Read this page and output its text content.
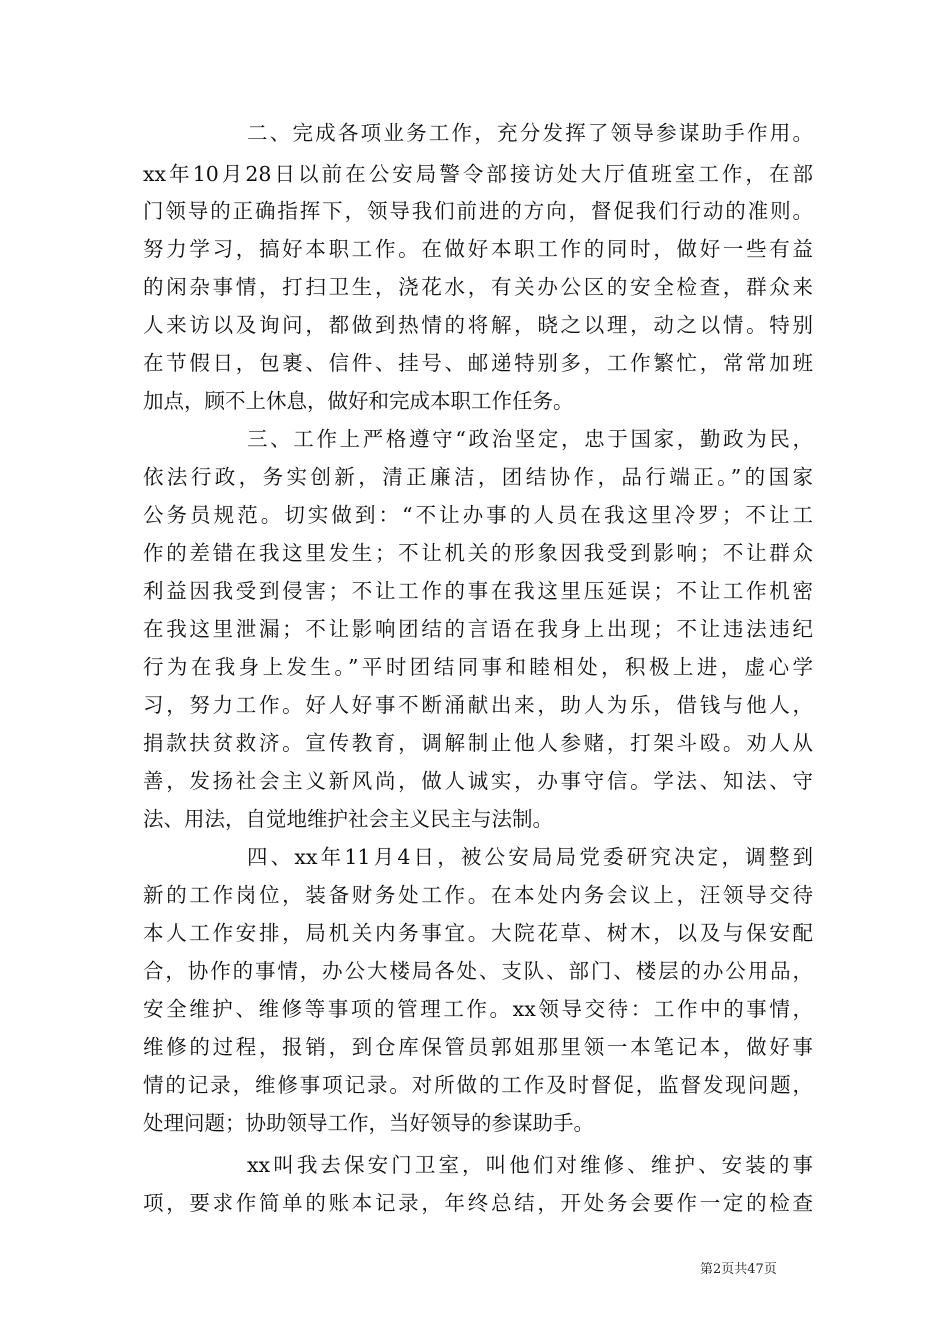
二、完成各项业务工作，充分发挥了领导参谋助手作用。

xx年10月28日以前在公安局警令部接访处大厅值班室工作，在部

门领导的正确指挥下，领导我们前进的方向，督促我们行动的准则。

努力学习，搞好本职工作。在做好本职工作的同时，做好一些有益

的闲杂事情，打扫卫生，浇花水，有关办公区的安全检查，群众来

人来访以及询问，都做到热情的将解，晓之以理，动之以情。特别

在节假日，包裹、信件、挂号、邮递特别多，工作繁忙，常常加班

加点，顾不上休息，做好和完成本职工作任务。

三、工作上严格遵守“政治坚定，忠于国家，勤政为民，

依法行政，务实创新，清正廉洁，团结协作，品行端正。”的国家

公务员规范。切实做到：“不让办事的人员在我这里冷罗；不让工

作的差错在我这里发生；不让机关的形象因我受到影响；不让群众

利益因我受到侵害；不让工作的事在我这里压延误；不让工作机密

在我这里泄漏；不让影响团结的言语在我身上出现；不让违法违纪

行为在我身上发生。”平时团结同事和睦相处，积极上进，虚心学

习，努力工作。好人好事不断涌献出来，助人为乐，借钱与他人，

捐款扶贫救济。宣传教育，调解制止他人参赌，打架斗殴。劝人从

善，发扬社会主义新风尚，做人诚实，办事守信。学法、知法、守

法、用法，自觉地维护社会主义民主与法制。

四、xx年11月4日，被公安局局党委研究决定，调整到

新的工作岗位，装备财务处工作。在本处内务会议上，汪领导交待

本人工作安排，局机关内务事宜。大院花草、树木，以及与保安配

合，协作的事情，办公大楼局各处、支队、部门、楼层的办公用品，

安全维护、维修等事项的管理工作。xx领导交待：工作中的事情，

维修的过程，报销，到仓库保管员郭姐那里领一本笔记本，做好事

情的记录，维修事项记录。对所做的工作及时督促，监督发现问题，

处理问题；协助领导工作，当好领导的参谋助手。

xx叫我去保安门卫室，叫他们对维修、维护、安装的事

项，要求作简单的账本记录，年终总结，开处务会要作一定的检查

第2页共47页
